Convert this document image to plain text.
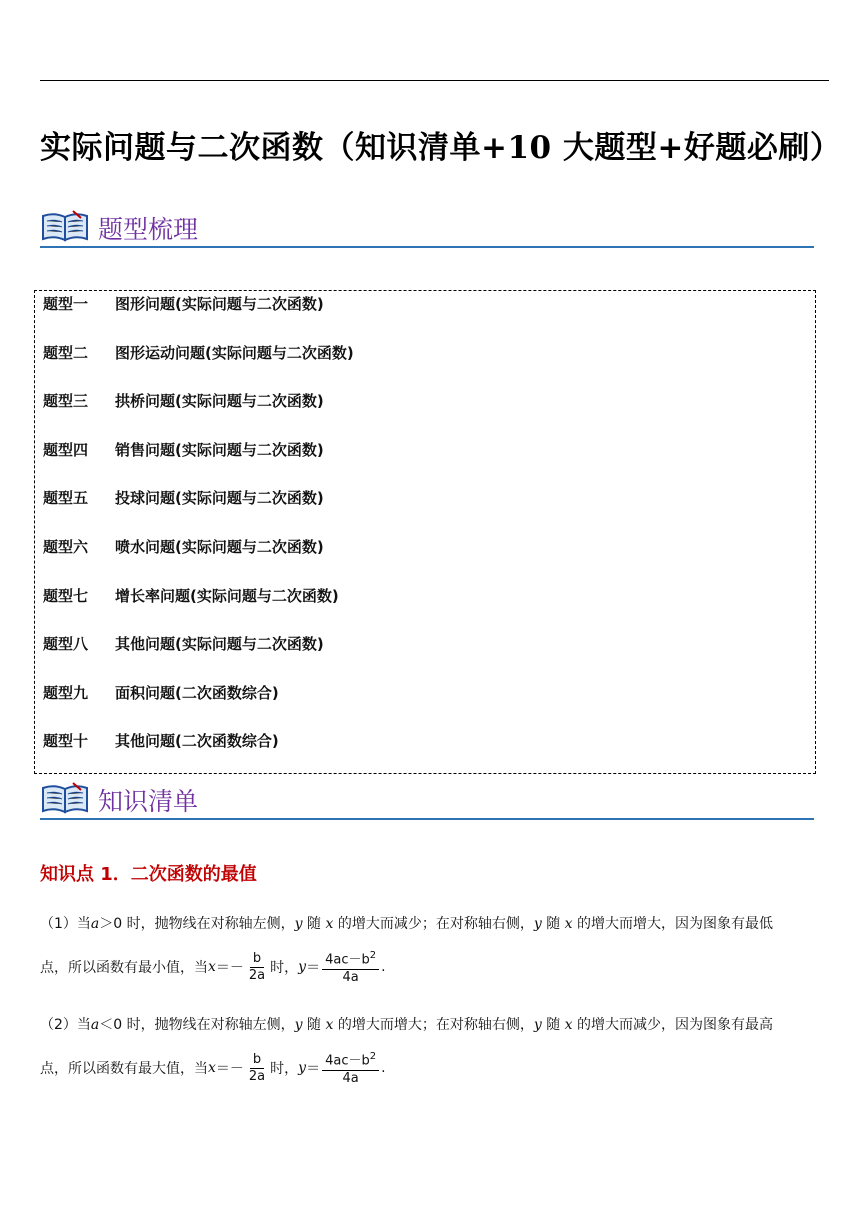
实际问题与二次函数（知识清单+10 大题型+好题必刷）
题型梳理
题型一 图形问题(实际问题与二次函数)
题型二 图形运动问题(实际问题与二次函数)
题型三 拱桥问题(实际问题与二次函数)
题型四 销售问题(实际问题与二次函数)
题型五 投球问题(实际问题与二次函数)
题型六 喷水问题(实际问题与二次函数)
题型七 增长率问题(实际问题与二次函数)
题型八 其他问题(实际问题与二次函数)
题型九 面积问题(二次函数综合)
题型十 其他问题(二次函数综合)
知识清单
知识点 1．二次函数的最值
（1）当a＞0 时，抛物线在对称轴左侧，y 随 x 的增大而减少；在对称轴右侧，y 随 x 的增大而增大，因为图象有最低
点，所以函数有最小值，当 $x =- \frac{b}{2a}$ 时， $y = \frac{4ac-b^2}{4a}$ .
（2）当a＜0 时，抛物线在对称轴左侧，y 随 x 的增大而增大；在对称轴右侧，y 随 x 的增大而减少，因为图象有最高
点，所以函数有最大值，当 $x =- \frac{b}{2a}$ 时， $y = \frac{4ac-b^2}{4a}$ .
